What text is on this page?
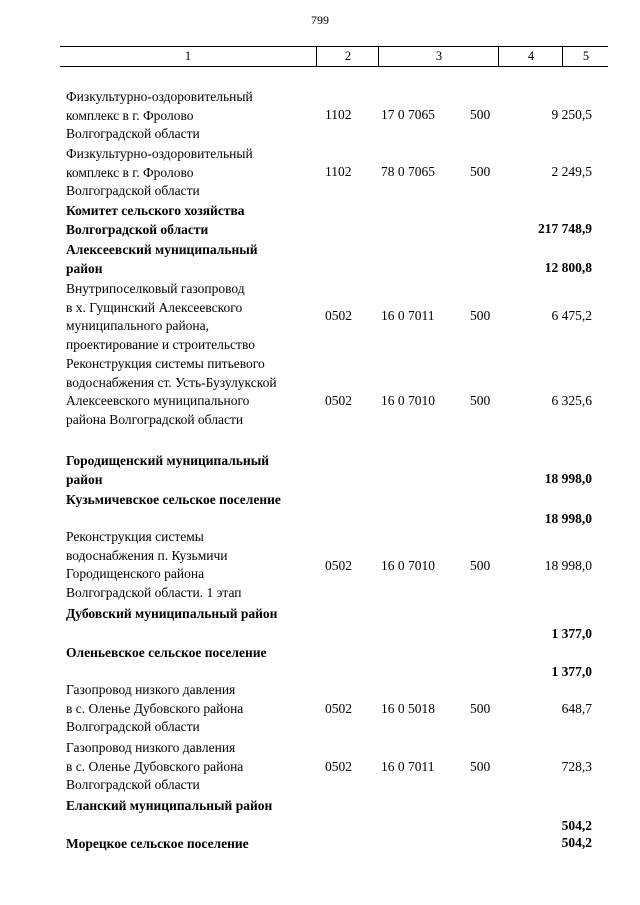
799
1	2	3	4	5
Физкультурно-оздоровительный
комплекс в г. Фролово
Волгоградской области
1102 17 0 7065	500	9 250,5
Физкультурно-оздоровительный
комплекс в г. Фролово
Волгоградской области
1102 78 0 7065	500	2 249,5
Комитет сельского хозяйства
Волгоградской области	217 748,9
Алексеевский муниципальный
район	12 800,8
Внутрипоселковый газопровод
в х. Гущинский Алексеевского
муниципального района,
проектирование и строительство
0502 16 0 7011	500	6 475,2
Реконструкция системы питьевого
водоснабжения ст. Усть-Бузулукской
Алексеевского муниципального
района Волгоградской области
0502 16 0 7010	500	6 325,6
Городищенский муниципальный
район	18 998,0
Кузьмичевское сельское поселение
18 998,0
Реконструкция системы
водоснабжения п. Кузьмичи
Городищенского района
Волгоградской области. 1 этап
0502 16 0 7010	500	18 998,0
Дубовский муниципальный район
1 377,0
Оленьевское сельское поселение
1 377,0
Газопровод низкого давления
в с. Оленье Дубовского района
Волгоградской области
0502 16 0 5018	500	648,7
Газопровод низкого давления
в с. Оленье Дубовского района
Волгоградской области
0502 16 0 7011	500	728,3
Еланский муниципальный район
504,2
Морецкое сельское поселение	504,2
